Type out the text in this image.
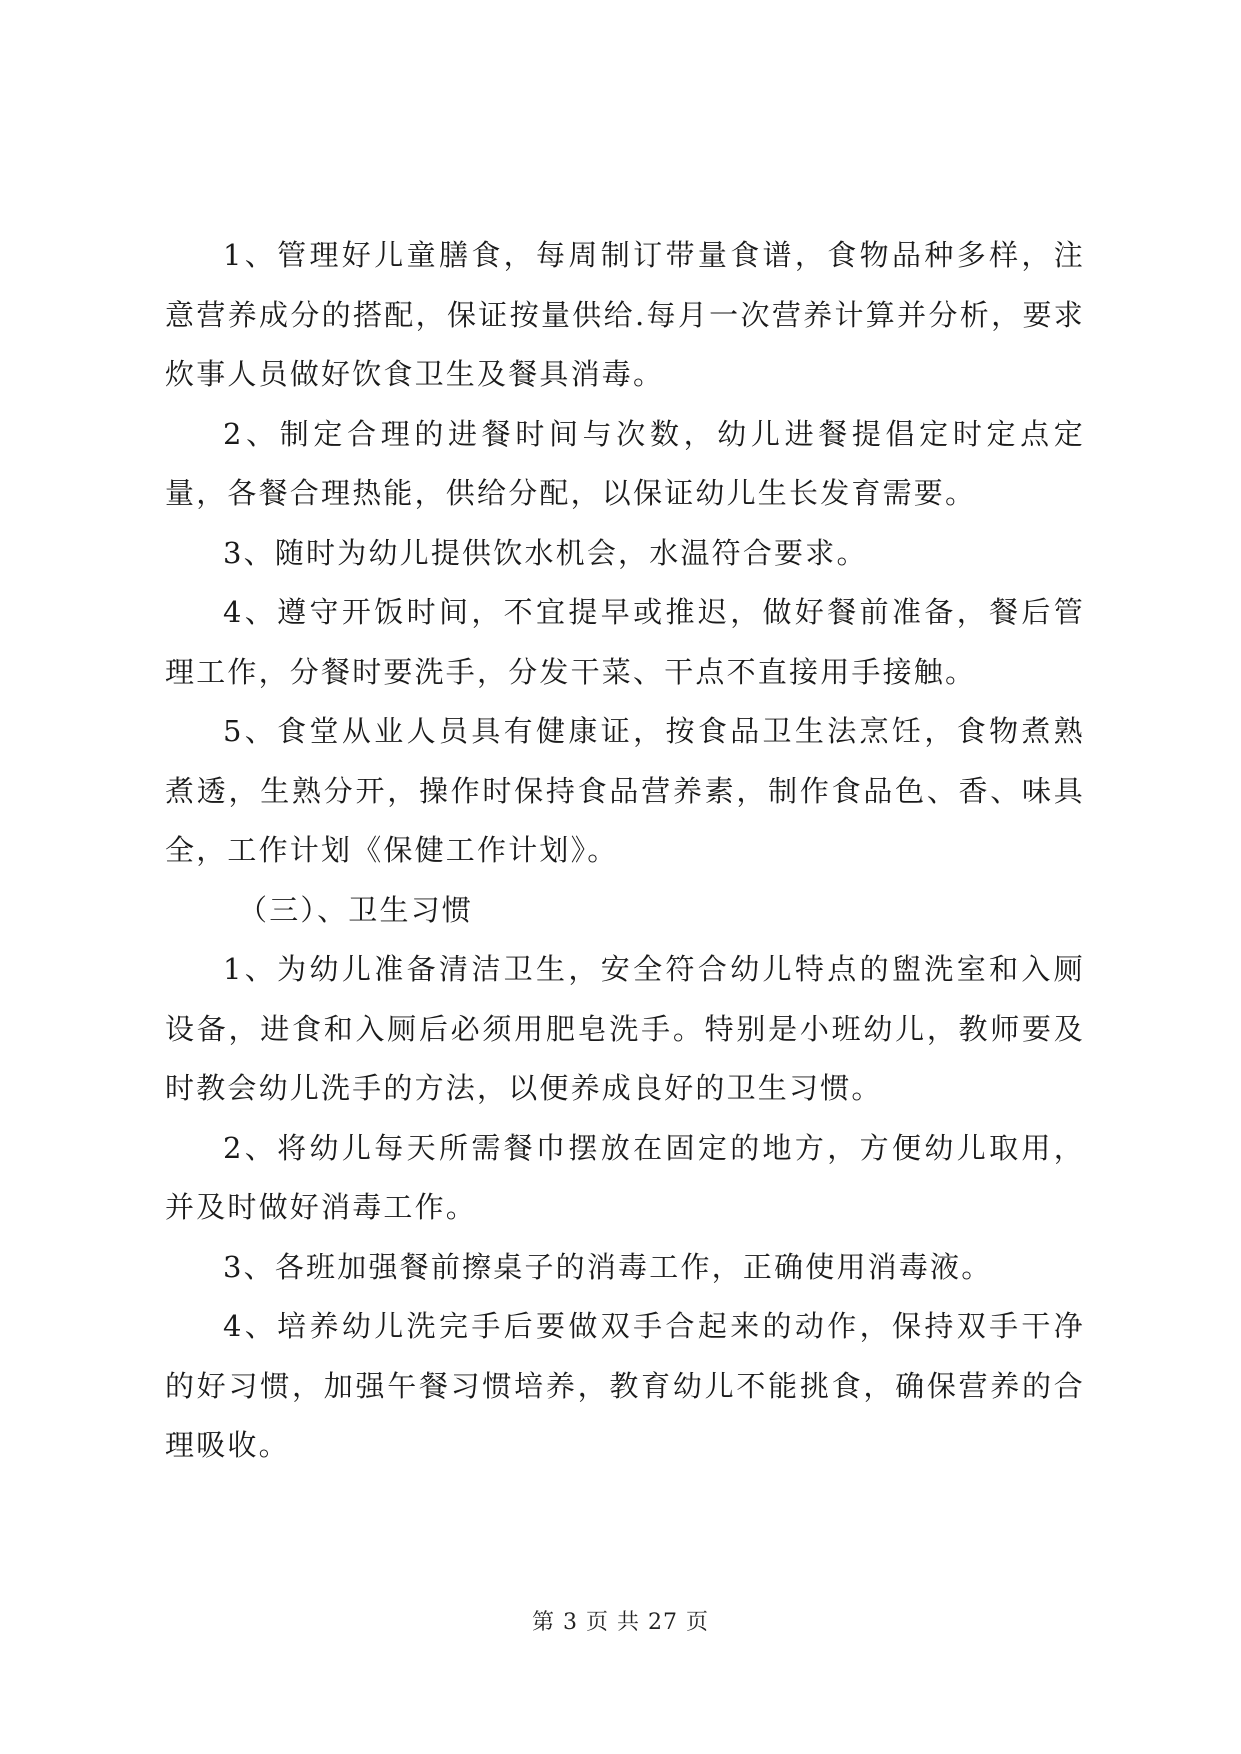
1、管理好儿童膳食，每周制订带量食谱，食物品种多样，注意营养成分的搭配，保证按量供给.每月一次营养计算并分析，要求炊事人员做好饮食卫生及餐具消毒。

2、制定合理的进餐时间与次数，幼儿进餐提倡定时定点定量，各餐合理热能，供给分配，以保证幼儿生长发育需要。

3、随时为幼儿提供饮水机会，水温符合要求。

4、遵守开饭时间，不宜提早或推迟，做好餐前准备，餐后管理工作，分餐时要洗手，分发干菜、干点不直接用手接触。

5、食堂从业人员具有健康证，按食品卫生法烹饪，食物煮熟煮透，生熟分开，操作时保持食品营养素，制作食品色、香、味具全，工作计划《保健工作计划》。

（三）、卫生习惯

1、为幼儿准备清洁卫生，安全符合幼儿特点的盥洗室和入厕设备，进食和入厕后必须用肥皂洗手。特别是小班幼儿，教师要及时教会幼儿洗手的方法，以便养成良好的卫生习惯。

2、将幼儿每天所需餐巾摆放在固定的地方，方便幼儿取用，并及时做好消毒工作。

3、各班加强餐前擦桌子的消毒工作，正确使用消毒液。

4、培养幼儿洗完手后要做双手合起来的动作，保持双手干净的好习惯，加强午餐习惯培养，教育幼儿不能挑食，确保营养的合理吸收。

第 3 页 共 27 页
